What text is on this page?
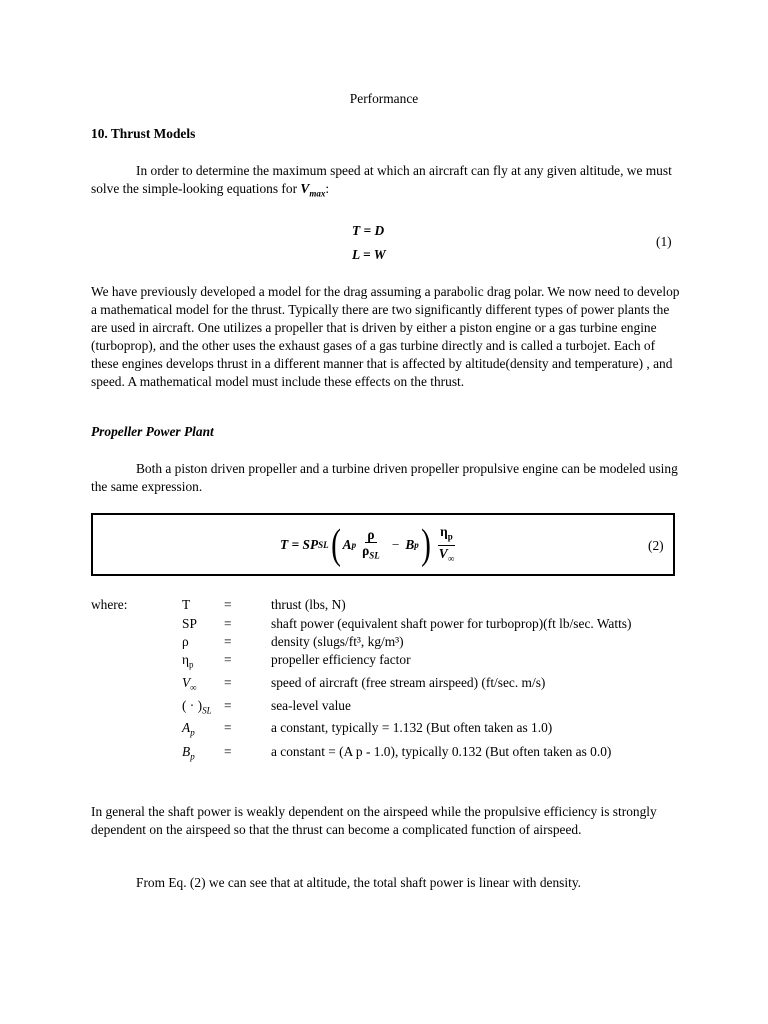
Performance
10. Thrust Models
In order to determine the maximum speed at which an aircraft can fly at any given altitude, we must solve the simple-looking equations for $V_{max}$:
T = D
L = W
(1)
We have previously developed a model for the drag assuming a parabolic drag polar. We now need to develop a mathematical model for the thrust. Typically there are two significantly different types of power plants the are used in aircraft. One utilizes a propeller that is driven by either a piston engine or a gas turbine engine (turboprop), and the other uses the exhaust gases of a gas turbine directly and is called a turbojet. Each of these engines develops thrust in a different manner that is affected by altitude(density and temperature) , and speed. A mathematical model must include these effects on the thrust.
Propeller Power Plant
Both a piston driven propeller and a turbine driven propeller propulsive engine can be modeled using the same expression.
T = SP SL ( A p $\frac{\rho}{\rho_{SL}} - B$ p ) $\frac{\eta_p}{V_\infty}$	(2)
where:	T	=	thrust (lbs, N)
SP =	shaft power (equivalent shaft power for turboprop)(ft lb/sec. Watts)
ρ	=	density (slugs/ft³, kg/m³)
$\eta_p$ =	propeller efficiency factor
$V_\infty$ =	speed of aircraft (free stream airspeed) (ft/sec. m/s)
( · )$_{SL}$ =	sea-level value
$A_p$ =	a constant, typically = 1.132 (But often taken as 1.0)
$B_p$ =	a constant = (A p - 1.0), typically 0.132 (But often taken as 0.0)
In general the shaft power is weakly dependent on the airspeed while the propulsive efficiency is strongly dependent on the airspeed so that the thrust can become a complicated function of airspeed.
From Eq. (2) we can see that at altitude, the total shaft power is linear with density.
